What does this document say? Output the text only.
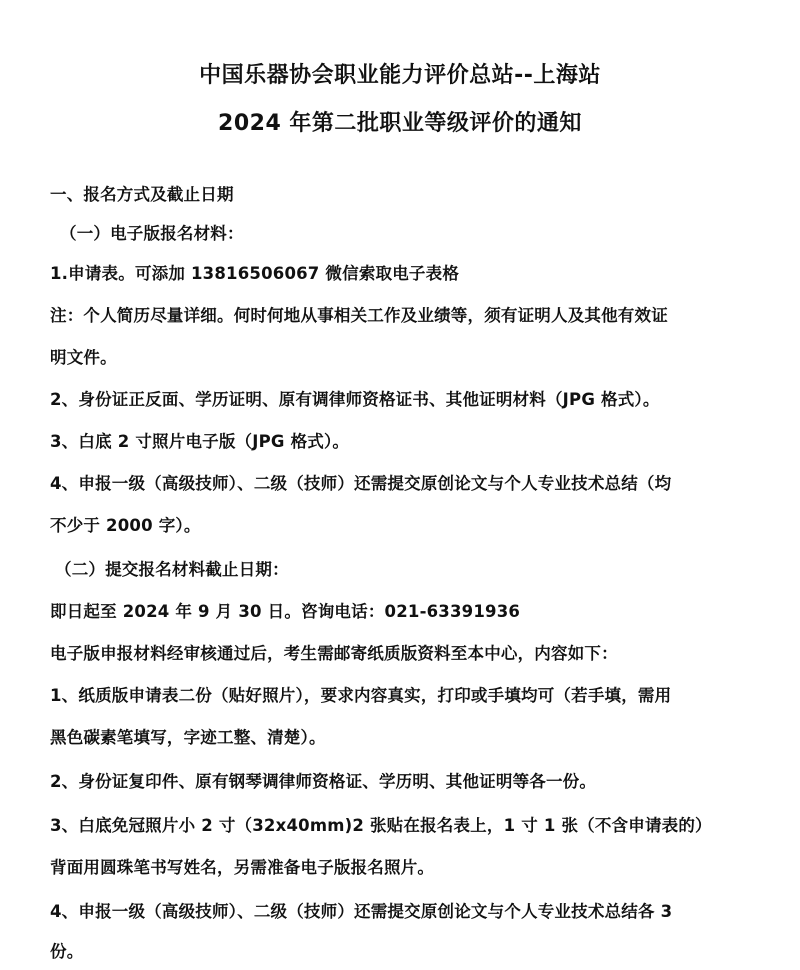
中国乐器协会职业能力评价总站--上海站
2024 年第二批职业等级评价的通知
一、报名方式及截止日期
（一）电子版报名材料：
1.申请表。可添加 13816506067 微信索取电子表格
注：个人简历尽量详细。何时何地从事相关工作及业绩等，须有证明人及其他有效证
明文件。
2、身份证正反面、学历证明、原有调律师资格证书、其他证明材料（JPG 格式）。
3、白底 2 寸照片电子版（JPG 格式）。
4、申报一级（高级技师）、二级（技师）还需提交原创论文与个人专业技术总结（均
不少于 2000 字）。
（二）提交报名材料截止日期：
即日起至 2024 年 9 月 30 日。咨询电话：021-63391936
电子版申报材料经审核通过后，考生需邮寄纸质版资料至本中心，内容如下：
1、纸质版申请表二份（贴好照片），要求内容真实，打印或手填均可（若手填，需用
黑色碳素笔填写，字迹工整、清楚）。
2、身份证复印件、原有钢琴调律师资格证、学历明、其他证明等各一份。
3、白底免冠照片小 2 寸（32x40mm)2 张贴在报名表上，1 寸 1 张（不含申请表的）
背面用圆珠笔书写姓名，另需准备电子版报名照片。
4、申报一级（高级技师）、二级（技师）还需提交原创论文与个人专业技术总结各 3
份。
